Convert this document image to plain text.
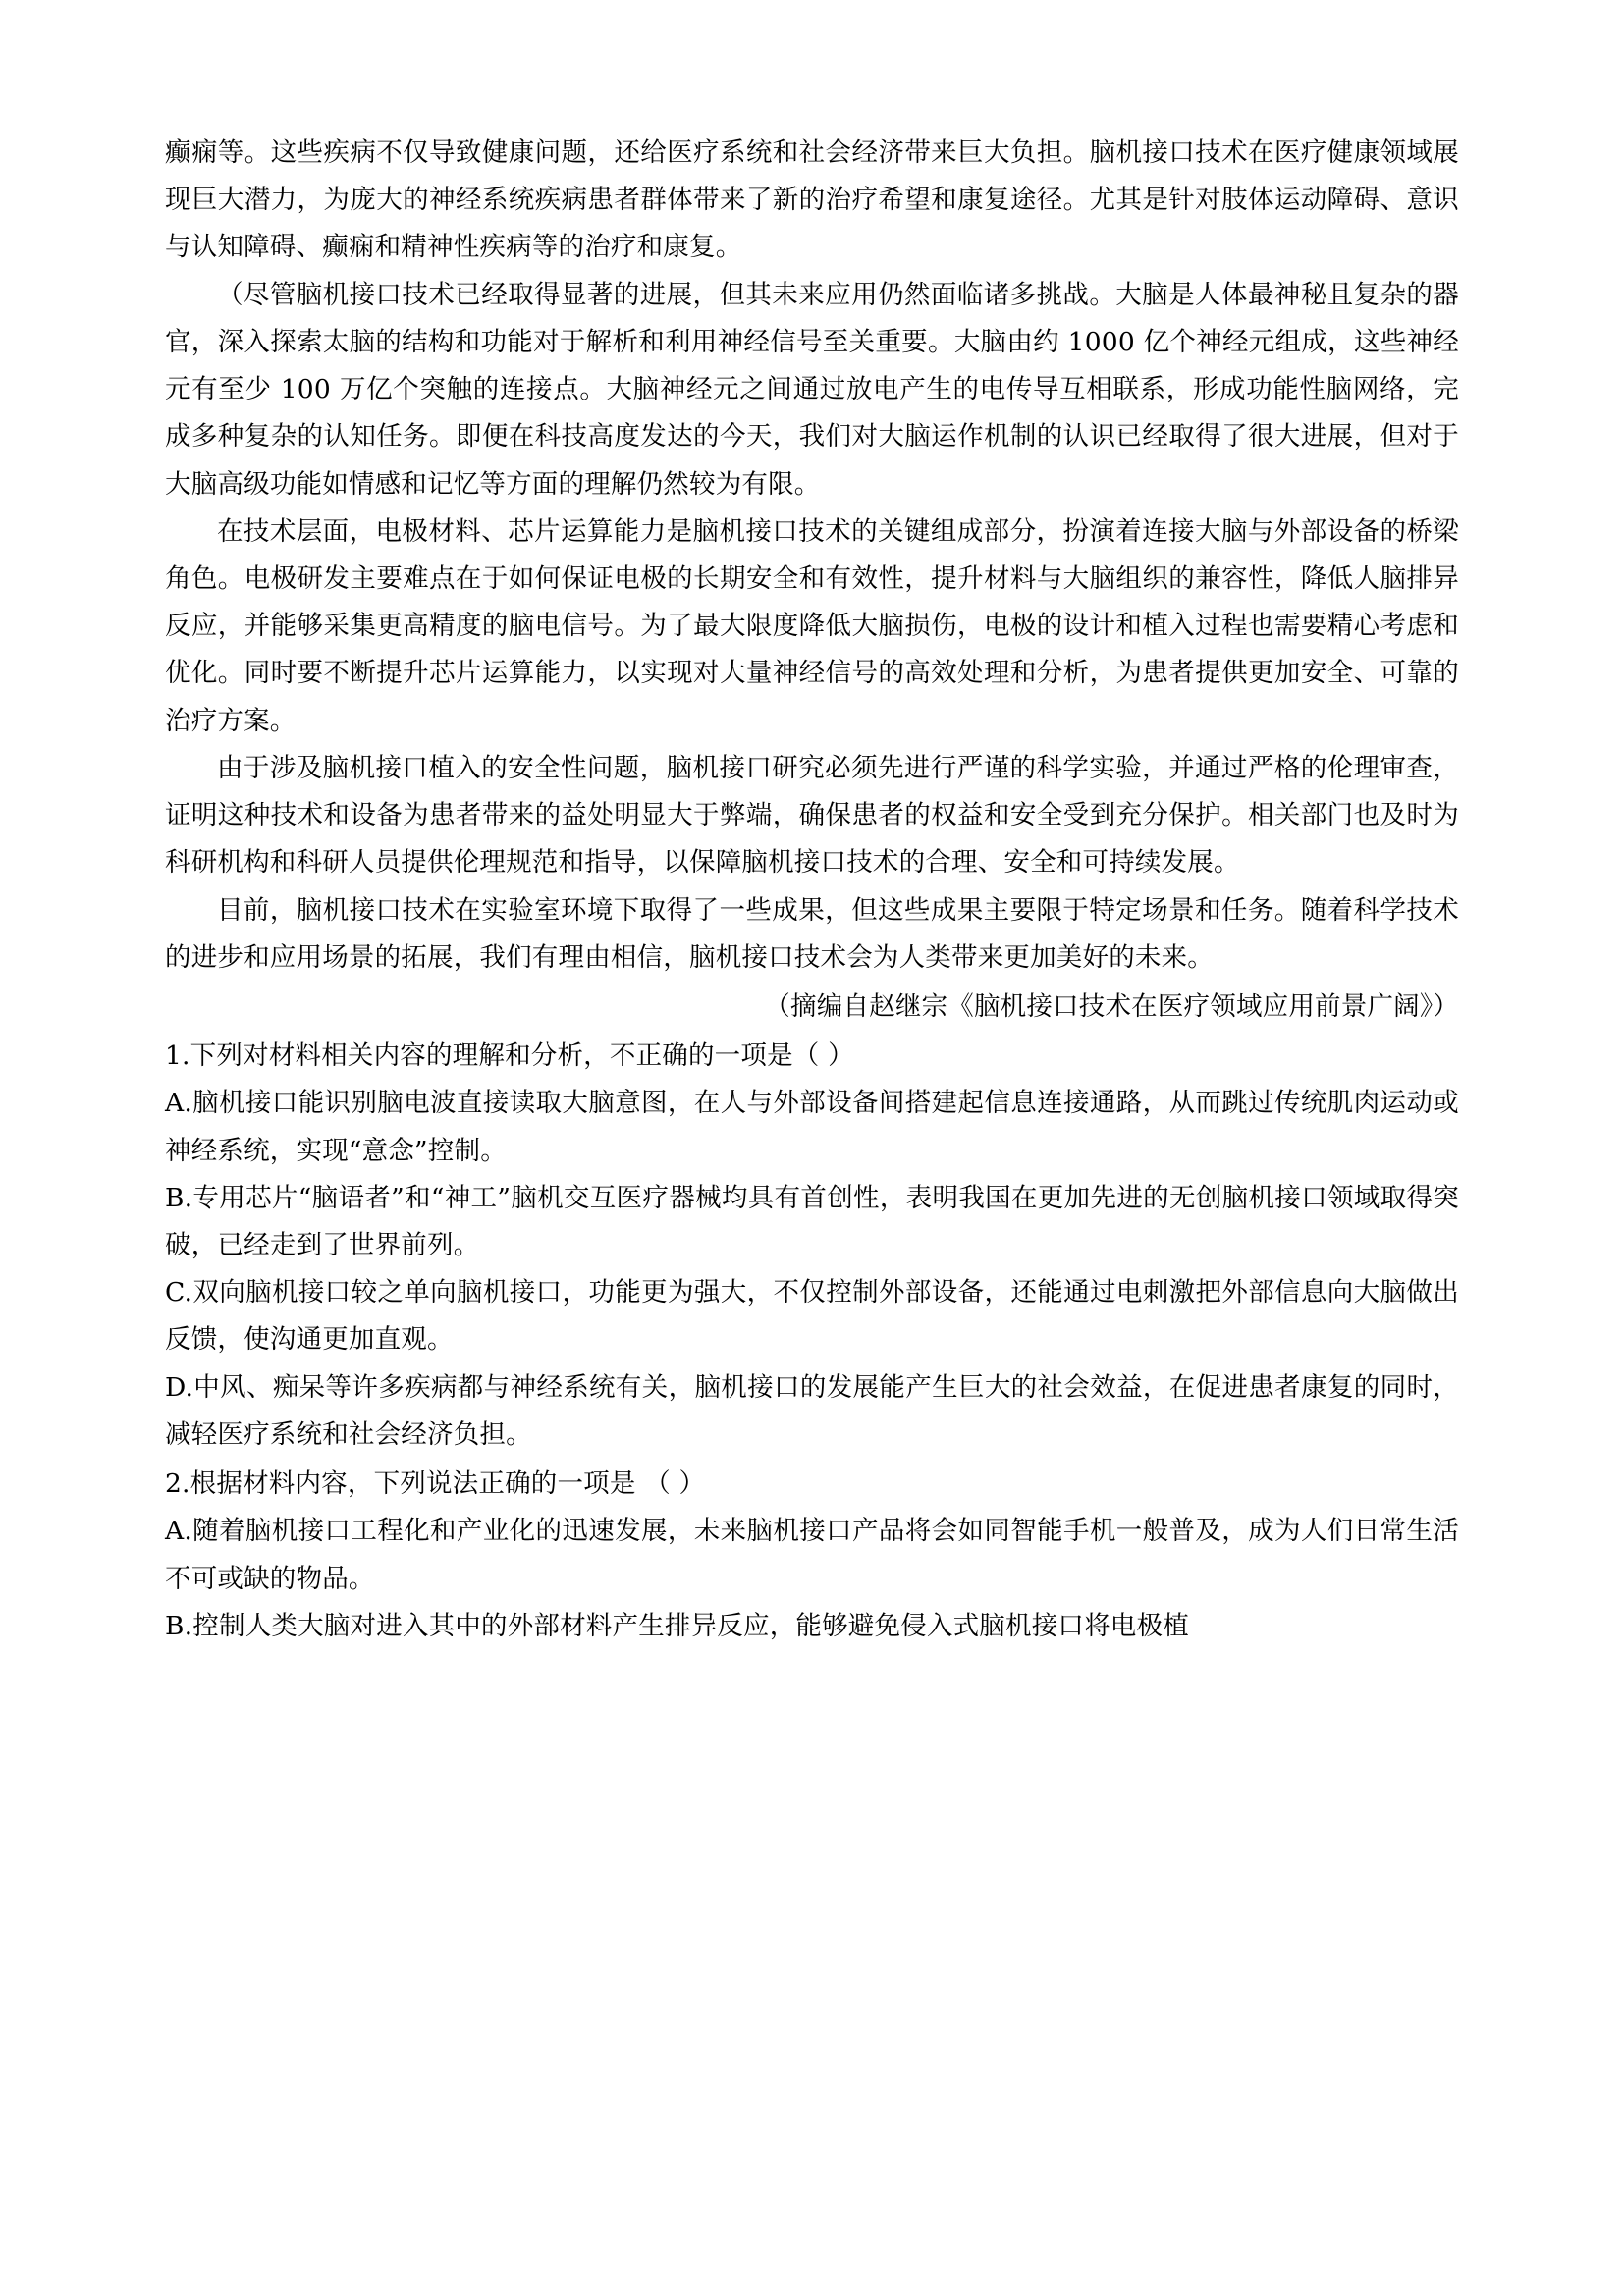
癫痫等。这些疾病不仅导致健康问题，还给医疗系统和社会经济带来巨大负担。脑机接口技术在医疗健康领域展现巨大潜力，为庞大的神经系统疾病患者群体带来了新的治疗希望和康复途径。尤其是针对肢体运动障碍、意识与认知障碍、癫痫和精神性疾病等的治疗和康复。

（尽管脑机接口技术已经取得显著的进展，但其未来应用仍然面临诸多挑战。大脑是人体最神秘且复杂的器官，深入探索太脑的结构和功能对于解析和利用神经信号至关重要。大脑由约 1000 亿个神经元组成，这些神经元有至少 100 万亿个突触的连接点。大脑神经元之间通过放电产生的电传导互相联系，形成功能性脑网络，完成多种复杂的认知任务。即便在科技高度发达的今天，我们对大脑运作机制的认识已经取得了很大进展，但对于大脑高级功能如情感和记忆等方面的理解仍然较为有限。

在技术层面，电极材料、芯片运算能力是脑机接口技术的关键组成部分，扮演着连接大脑与外部设备的桥梁角色。电极研发主要难点在于如何保证电极的长期安全和有效性，提升材料与大脑组织的兼容性，降低人脑排异反应，并能够采集更高精度的脑电信号。为了最大限度降低大脑损伤，电极的设计和植入过程也需要精心考虑和优化。同时要不断提升芯片运算能力，以实现对大量神经信号的高效处理和分析，为患者提供更加安全、可靠的治疗方案。

由于涉及脑机接口植入的安全性问题，脑机接口研究必须先进行严谨的科学实验，并通过严格的伦理审查，证明这种技术和设备为患者带来的益处明显大于弊端，确保患者的权益和安全受到充分保护。相关部门也及时为科研机构和科研人员提供伦理规范和指导，以保障脑机接口技术的合理、安全和可持续发展。

目前，脑机接口技术在实验室环境下取得了一些成果，但这些成果主要限于特定场景和任务。随着科学技术的进步和应用场景的拓展，我们有理由相信，脑机接口技术会为人类带来更加美好的未来。

（摘编自赵继宗《脑机接口技术在医疗领域应用前景广阔》）

1.下列对材料相关内容的理解和分析，不正确的一项是（ ）

A.脑机接口能识别脑电波直接读取大脑意图，在人与外部设备间搭建起信息连接通路，从而跳过传统肌肉运动或神经系统，实现“意念”控制。

B.专用芯片“脑语者”和“神工”脑机交互医疗器械均具有首创性，表明我国在更加先进的无创脑机接口领域取得突破，已经走到了世界前列。

C.双向脑机接口较之单向脑机接口，功能更为强大，不仅控制外部设备，还能通过电刺激把外部信息向大脑做出反馈，使沟通更加直观。

D.中风、痴呆等许多疾病都与神经系统有关，脑机接口的发展能产生巨大的社会效益，在促进患者康复的同时，减轻医疗系统和社会经济负担。

2.根据材料内容，下列说法正确的一项是 （ ）

A.随着脑机接口工程化和产业化的迅速发展，未来脑机接口产品将会如同智能手机一般普及，成为人们日常生活不可或缺的物品。

B.控制人类大脑对进入其中的外部材料产生排异反应，能够避免侵入式脑机接口将电极植
